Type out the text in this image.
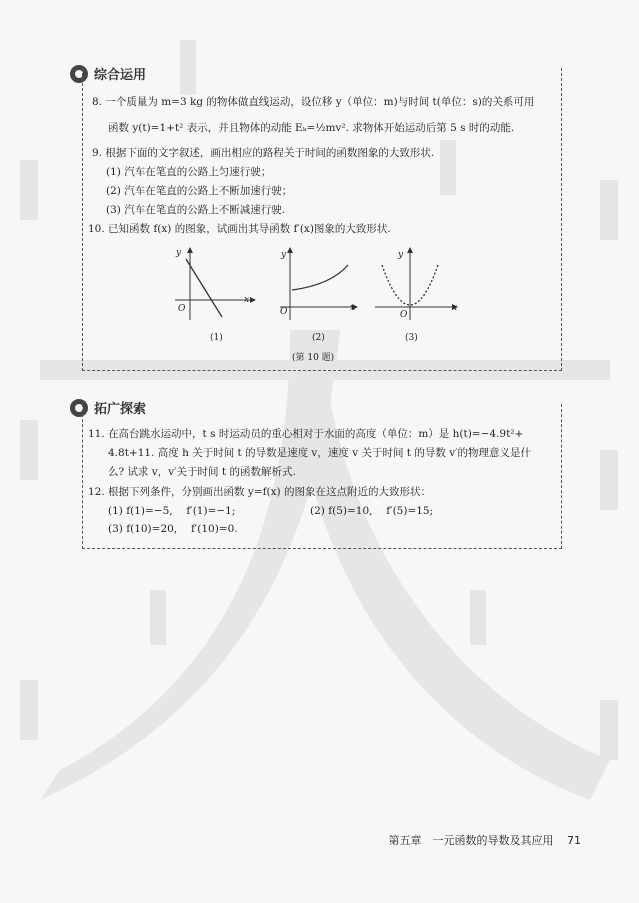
综合运用
8. 一个质量为 m=3 kg 的物体做直线运动，设位移 y（单位：m)与时间 t(单位：s)的关系可用
函数 y(t)=1+t² 表示，并且物体的动能 Eₖ=½mv². 求物体开始运动后第 5 s 时的动能.
9. 根据下面的文字叙述，画出相应的路程关于时间的函数图象的大致形状.
(1) 汽车在笔直的公路上匀速行驶；
(2) 汽车在笔直的公路上不断加速行驶；
(3) 汽车在笔直的公路上不断减速行驶.
10. 已知函数 f(x) 的图象，试画出其导函数 f′(x)图象的大致形状.
y
x
O
y
x
O
y
x
O
(1)	(2)	(3)
(第 10 题)
拓广探索
11. 在高台跳水运动中，t s 时运动员的重心相对于水面的高度（单位：m）是 h(t)=−4.9t²+
4.8t+11. 高度 h 关于时间 t 的导数是速度 v，速度 v 关于时间 t 的导数 v′的物理意义是什
么? 试求 v，v′关于时间 t 的函数解析式.
12. 根据下列条件，分别画出函数 y=f(x) 的图象在这点附近的大致形状：
(1) f(1)=−5,　 f′(1)=−1;	(2) f(5)=10,　 f′(5)=15;
(3) f(10)=20,　 f′(10)=0.
第五章　一元函数的导数及其应用 71
